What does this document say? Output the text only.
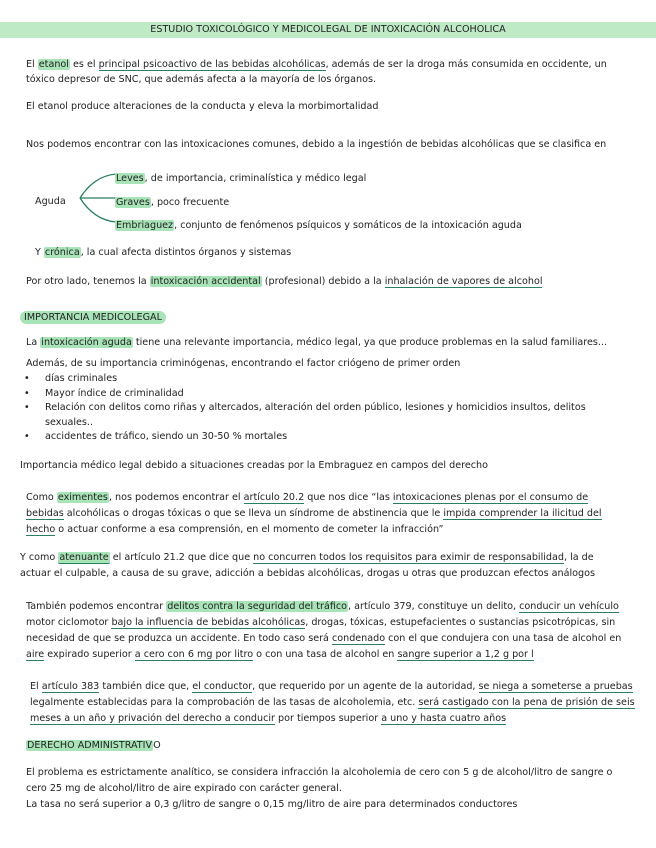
ESTUDIO TOXICOLÓGICO Y MEDICOLEGAL DE INTOXICACIÓN ALCOHOLICA

El etanol es el principal psicoactivo de las bebidas alcohólicas, además de ser la droga más consumida en occidente, un

tóxico depresor de SNC, que además afecta a la mayoría de los órganos.

El etanol produce alteraciones de la conducta y eleva la morbimortalidad

Nos podemos encontrar con las intoxicaciones comunes, debido a la ingestión de bebidas alcohólicas que se clasifica en

Aguda

Leves, de importancia, criminalística y médico legal

Graves, poco frecuente

Embriaguez, conjunto de fenómenos psíquicos y somáticos de la intoxicación aguda

Y crónica, la cual afecta distintos órganos y sistemas

Por otro lado, tenemos la intoxicación accidental (profesional) debido a la inhalación de vapores de alcohol

IMPORTANCIA MEDICOLEGAL

La intoxicación aguda tiene una relevante importancia, médico legal, ya que produce problemas en la salud familiares...

Además, de su importancia criminógenas, encontrando el factor criógeno de primer orden

• días criminales
• Mayor índice de criminalidad
• Relación con delitos como riñas y altercados, alteración del orden público, lesiones y homicidios insultos, delitos
sexuales..
• accidentes de tráfico, siendo un 30-50 % mortales

Importancia médico legal debido a situaciones creadas por la Embraguez en campos del derecho

Como eximentes, nos podemos encontrar el artículo 20.2 que nos dice “las intoxicaciones plenas por el consumo de

bebidas alcohólicas o drogas tóxicas o que se lleva un síndrome de abstinencia que le impida comprender la ilicitud del

hecho o actuar conforme a esa comprensión, en el momento de cometer la infracción”

Y como atenuante el artículo 21.2 que dice que no concurren todos los requisitos para eximir de responsabilidad, la de

actuar el culpable, a causa de su grave, adicción a bebidas alcohólicas, drogas u otras que produzcan efectos análogos

También podemos encontrar delitos contra la seguridad del tráfico, artículo 379, constituye un delito, conducir un vehículo

motor ciclomotor bajo la influencia de bebidas alcohólicas, drogas, tóxicas, estupefacientes o sustancias psicotrópicas, sin

necesidad de que se produzca un accidente. En todo caso será condenado con el que condujera con una tasa de alcohol en

aire expirado superior a cero con 6 mg por litro o con una tasa de alcohol en sangre superior a 1,2 g por l

El artículo 383 también dice que, el conductor, que requerido por un agente de la autoridad, se niega a someterse a pruebas

legalmente establecidas para la comprobación de las tasas de alcoholemia, etc. será castigado con la pena de prisión de seis

meses a un año y privación del derecho a conducir por tiempos superior a uno y hasta cuatro años

DERECHO ADMINISTRATIVO

El problema es estrictamente analítico, se considera infracción la alcoholemia de cero con 5 g de alcohol/litro de sangre o

cero 25 mg de alcohol/litro de aire expirado con carácter general.

La tasa no será superior a 0,3 g/litro de sangre o 0,15 mg/litro de aire para determinados conductores
